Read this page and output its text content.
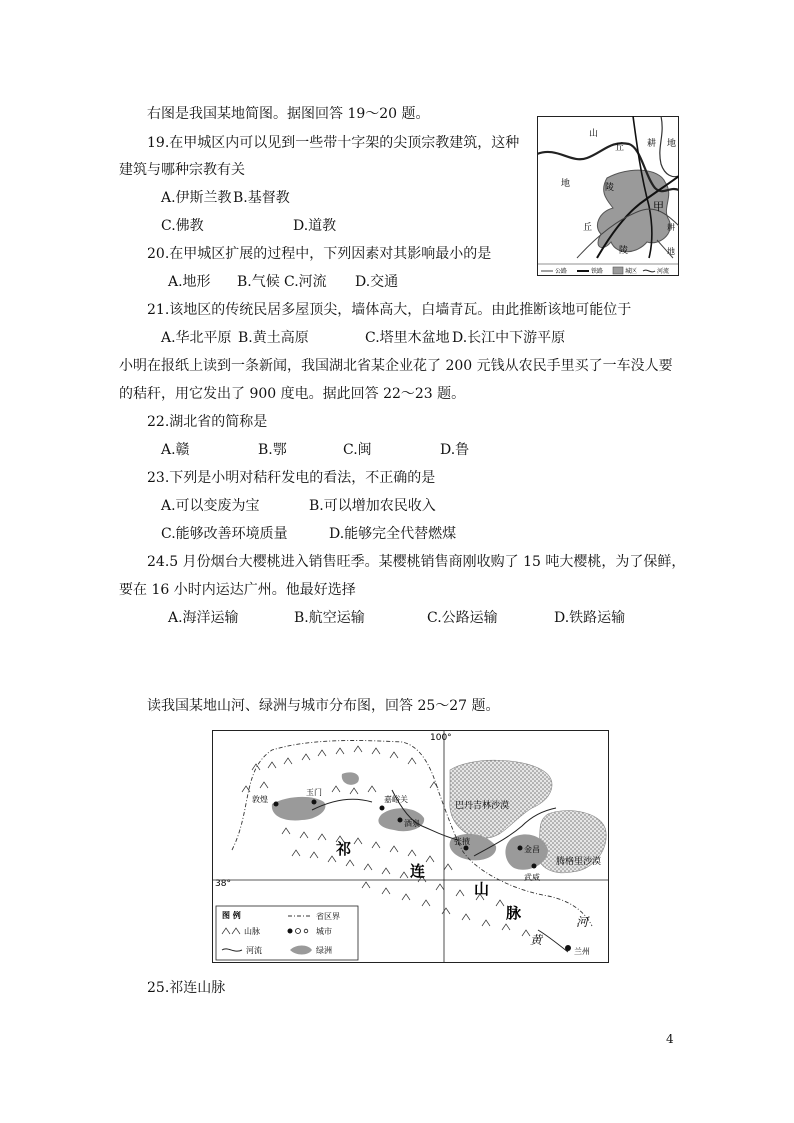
右图是我国某地简图。据图回答 19～20 题。
19.在甲城区内可以见到一些带十字架的尖顶宗教建筑，这种
建筑与哪种宗教有关
A.伊斯兰教 B.基督教
C.佛教	D.道教
20.在甲城区扩展的过程中，下列因素对其影响最小的是
A.地形 B.气候 C.河流 D.交通
21.该地区的传统民居多屋顶尖，墙体高大，白墙青瓦。由此推断该地可能位于
A.华北平原 B.黄土高原	C.塔里木盆地 D.长江中下游平原
山
丘	耕 地
地	陵
甲
丘
陵
耕
地
公路	铁路	城区	河流
小明在报纸上读到一条新闻，我国湖北省某企业花了 200 元钱从农民手里买了一车没人要
的秸秆，用它发出了 900 度电。据此回答 22～23 题。
22.湖北省的简称是
A.赣	B.鄂	C.闽	D.鲁
23.下列是小明对秸秆发电的看法，不正确的是
A.可以变废为宝	B.可以增加农民收入
C.能够改善环境质量	D.能够完全代替燃煤
24.5 月份烟台大樱桃进入销售旺季。某樱桃销售商刚收购了 15 吨大樱桃，为了保鲜，
要在 16 小时内运达广州。他最好选择
A.海洋运输	B.航空运输	C.公路运输	D.铁路运输
读我国某地山河、绿洲与城市分布图，回答 25～27 题。
100°
38°
敦煌
玉门
嘉峪关
酒泉
张掖
金昌
武威
兰州
巴丹吉林沙漠
腾格里沙漠
祁
连
山
脉	河
黄
图 例	省区界
山脉	城市
河流	绿洲
25.祁连山脉
4
